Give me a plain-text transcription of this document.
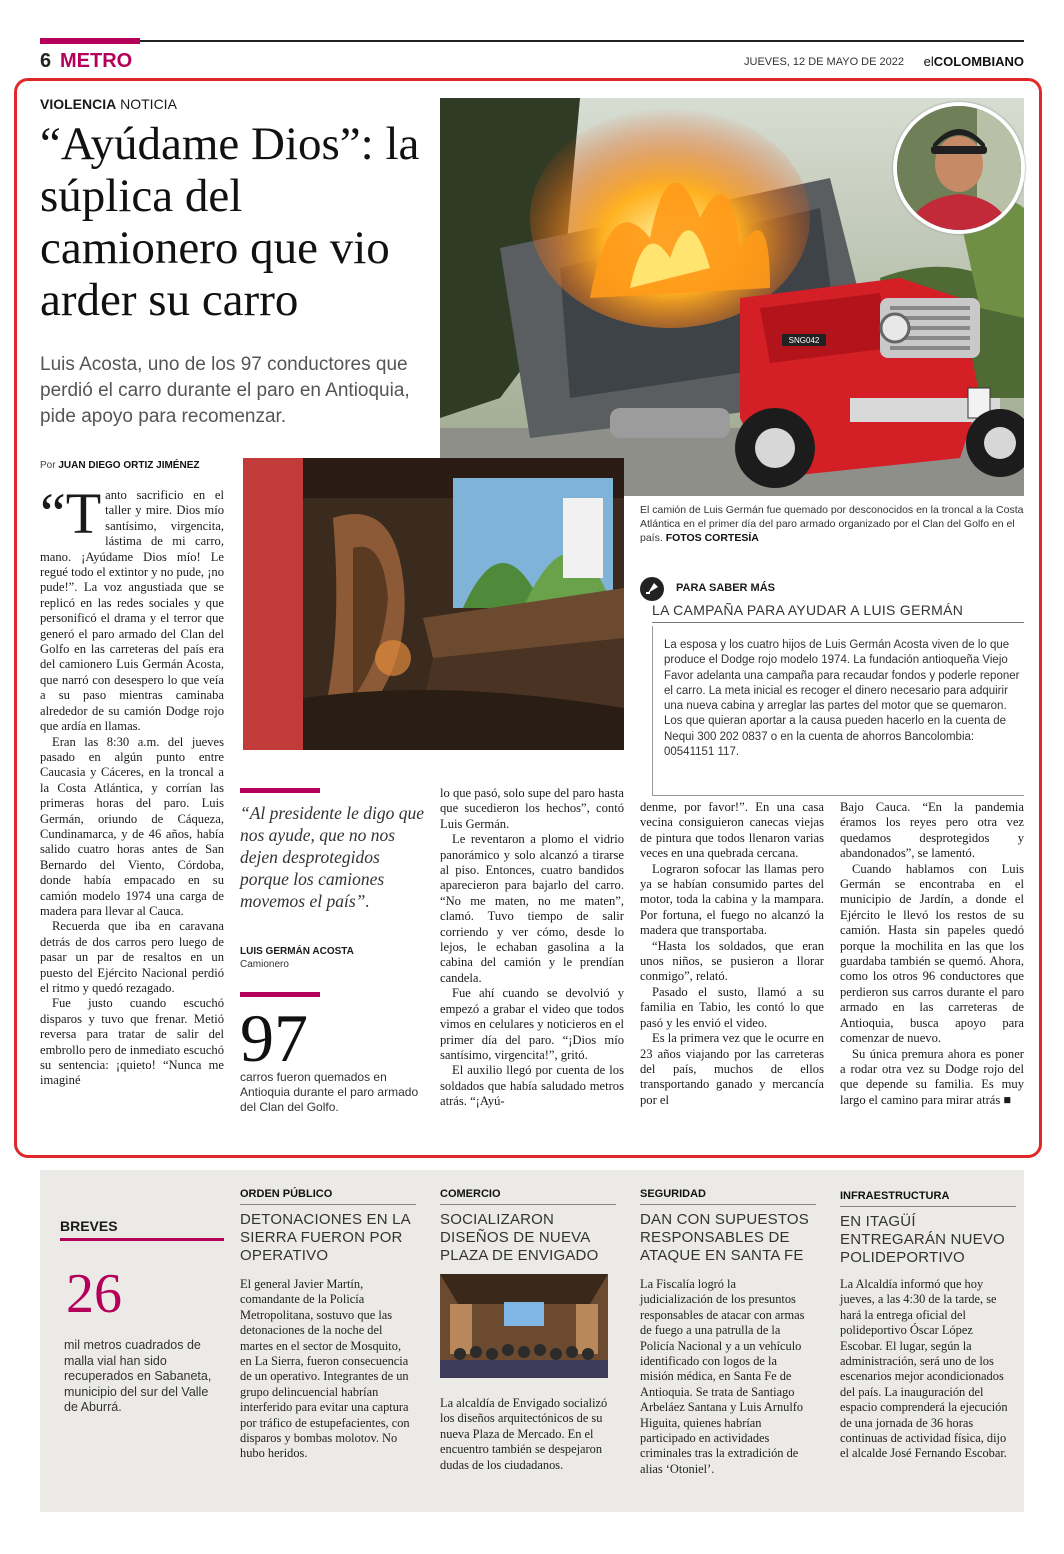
6 METRO	JUEVES, 12 DE MAYO DE 2022 elCOLOMBIANO
VIOLENCIA NOTICIA
“Ayúdame Dios”: la súplica del camionero que vio arder su carro
Luis Acosta, uno de los 97 conductores que perdió el carro durante el paro en Antioquia, pide apoyo para recomenzar.
Por JUAN DIEGO ORTIZ JIMÉNEZ
SNG042
El camión de Luis Germán fue quemado por desconocidos en la troncal a la Costa Atlántica en el primer día del paro armado organizado por el Clan del Golfo en el país. FOTOS CORTESÍA
PARA SABER MÁS
LA CAMPAÑA PARA AYUDAR A LUIS GERMÁN
La esposa y los cuatro hijos de Luis Germán Acosta viven de lo que produce el Dodge rojo modelo 1974. La fundación antioqueña Viejo Favor adelanta una campaña para recaudar fondos y poderle reponer el carro. La meta inicial es recoger el dinero necesario para adquirir una nueva cabina y arreglar las partes del motor que se quemaron. Los que quieran aportar a la causa pueden hacerlo en la cuenta de Nequi 300 202 0837 o en la cuenta de ahorros Bancolombia: 00541151 117.

“Tanto sacrificio en el taller y mire. Dios mío santísimo, virgencita, lástima de mi carro, mano. ¡Ayúdame Dios mío! Le regué todo el extintor y no pude, ¡no pude!”. La voz angustiada que se replicó en las redes sociales y que personificó el drama y el terror que generó el paro armado del Clan del Golfo en las carreteras del país era del camionero Luis Germán Acosta, que narró con desespero lo que veía a su paso mientras caminaba alrededor de su camión Dodge rojo que ardía en llamas.

Eran las 8:30 a.m. del jueves pasado en algún punto entre Caucasia y Cáceres, en la troncal a la Costa Atlántica, y corrían las primeras horas del paro. Luis Germán, oriundo de Cáqueza, Cundinamarca, y de 46 años, había salido cuatro horas antes de San Bernardo del Viento, Córdoba, donde había empacado en su camión modelo 1974 una carga de madera para llevar al Cauca.

Recuerda que iba en caravana detrás de dos carros pero luego de pasar un par de resaltos en un puesto del Ejército Nacional perdió el ritmo y quedó rezagado.

Fue justo cuando escuchó disparos y tuvo que frenar. Metió reversa para tratar de salir del embrollo pero de inmediato escuchó su sentencia: ¡quieto! “Nunca me imaginé

“Al presidente le digo que nos ayude, que no nos dejen desprotegidos porque los camiones movemos el país”.
LUIS GERMÁN ACOSTA
Camionero
97
carros fueron quemados en Antioquia durante el paro armado del Clan del Golfo.

lo que pasó, solo supe del paro hasta que sucedieron los hechos”, contó Luis Germán.

Le reventaron a plomo el vidrio panorámico y solo alcanzó a tirarse al piso. Entonces, cuatro bandidos aparecieron para bajarlo del carro. “No me maten, no me maten”, clamó. Tuvo tiempo de salir corriendo y ver cómo, desde lo lejos, le echaban gasolina a la cabina del camión y le prendían candela.

Fue ahí cuando se devolvió y empezó a grabar el video que todos vimos en celulares y noticieros en el primer día del paro. “¡Dios mío santísimo, virgencita!”, gritó.

El auxilio llegó por cuenta de los soldados que había saludado metros atrás. “¡Ayú-

denme, por favor!”. En una casa vecina consiguieron canecas viejas de pintura que todos llenaron varias veces en una quebrada cercana.

Lograron sofocar las llamas pero ya se habían consumido partes del motor, toda la cabina y la mampara. Por fortuna, el fuego no alcanzó la madera que transportaba.

“Hasta los soldados, que eran unos niños, se pusieron a llorar conmigo”, relató.

Pasado el susto, llamó a su familia en Tabio, les contó lo que pasó y les envió el video.

Es la primera vez que le ocurre en 23 años viajando por las carreteras del país, muchos de ellos transportando ganado y mercancía por el

Bajo Cauca. “En la pandemia éramos los reyes pero otra vez quedamos desprotegidos y abandonados”, se lamentó.

Cuando hablamos con Luis Germán se encontraba en el municipio de Jardín, a donde el Ejército le llevó los restos de su camión. Hasta sin papeles quedó porque la mochilita en las que los guardaba también se quemó. Ahora, como los otros 96 conductores que perdieron sus carros durante el paro armado en las carreteras de Antioquia, busca apoyo para comenzar de nuevo.

Su única premura ahora es poner a rodar otra vez su Dodge rojo del que depende su familia. Es muy largo el camino para mirar atrás ■

BREVES
26
mil metros cuadrados de malla vial han sido recuperados en Sabaneta, municipio del sur del Valle de Aburrá.
ORDEN PÚBLICO
DETONACIONES EN LA SIERRA FUERON POR OPERATIVO
El general Javier Martín, comandante de la Policía Metropolitana, sostuvo que las detonaciones de la noche del martes en el sector de Mosquito, en La Sierra, fueron consecuencia de un operativo. Integrantes de un grupo delincuencial habrían interferido para evitar una captura por tráfico de estupefacientes, con disparos y bombas molotov. No hubo heridos.
COMERCIO
SOCIALIZARON DISEÑOS DE NUEVA PLAZA DE ENVIGADO
La alcaldía de Envigado socializó los diseños arquitectónicos de su nueva Plaza de Mercado. En el encuentro también se despejaron dudas de los ciudadanos.
SEGURIDAD
DAN CON SUPUESTOS RESPONSABLES DE ATAQUE EN SANTA FE
La Fiscalía logró la judicialización de los presuntos responsables de atacar con armas de fuego a una patrulla de la Policía Nacional y a un vehículo identificado con logos de la misión médica, en Santa Fe de Antioquia. Se trata de Santiago Arbeláez Santana y Luis Arnulfo Higuita, quienes habrían participado en actividades criminales tras la extradición de alias ‘Otoniel’.
INFRAESTRUCTURA
EN ITAGÜÍ ENTREGARÁN NUEVO POLIDEPORTIVO
La Alcaldía informó que hoy jueves, a las 4:30 de la tarde, se hará la entrega oficial del polideportivo Óscar López Escobar. El lugar, según la administración, será uno de los escenarios mejor acondicionados del país. La inauguración del espacio comprenderá la ejecución de una jornada de 36 horas continuas de actividad física, dijo el alcalde José Fernando Escobar.
